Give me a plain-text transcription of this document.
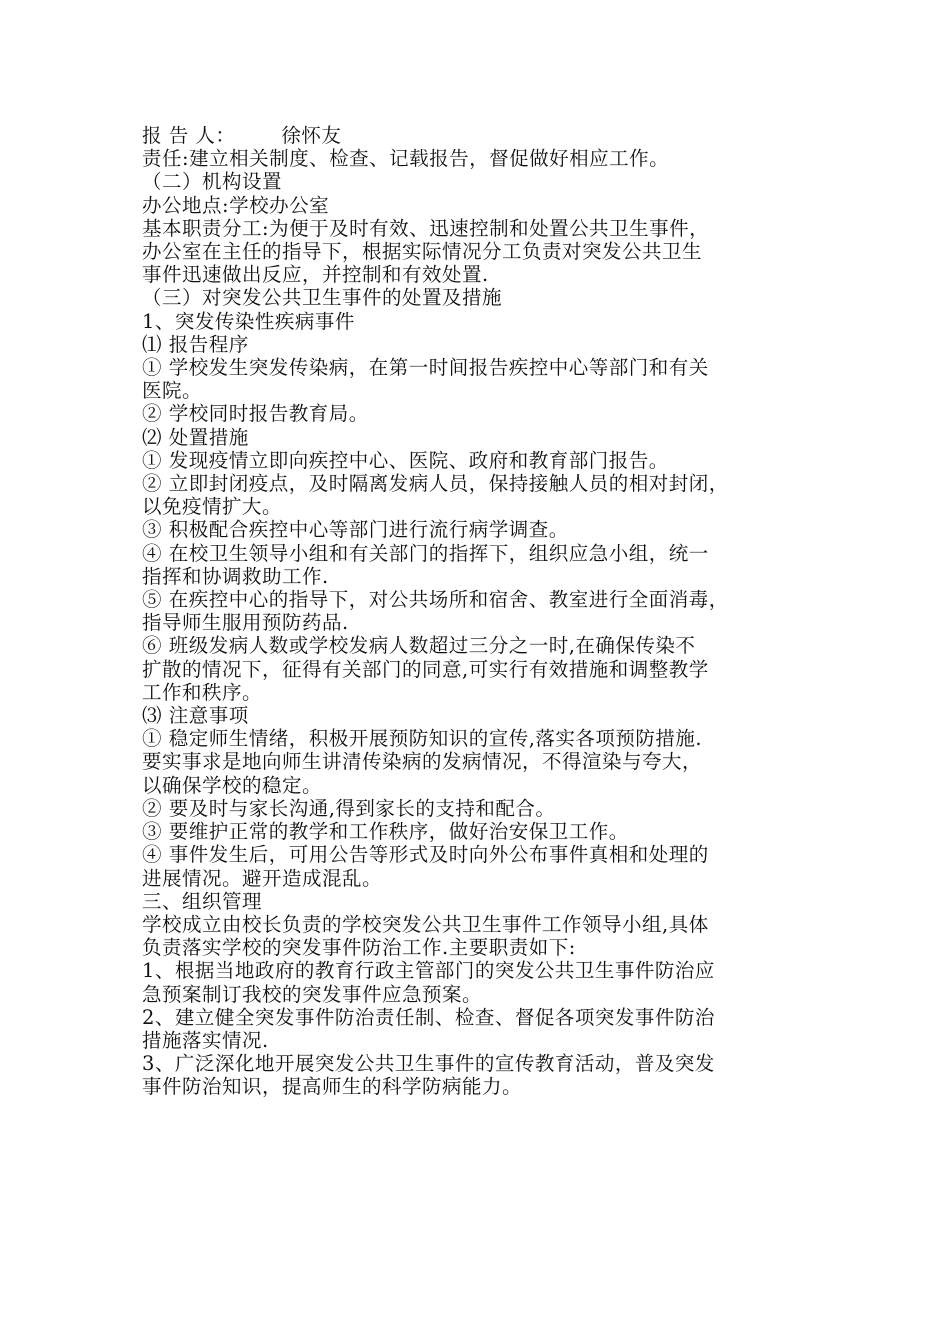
报 告 人： 徐怀友
责任:建立相关制度、检查、记载报告，督促做好相应工作。
（二）机构设置
办公地点:学校办公室
基本职责分工:为便于及时有效、迅速控制和处置公共卫生事件，
办公室在主任的指导下，根据实际情况分工负责对突发公共卫生
事件迅速做出反应，并控制和有效处置.
（三）对突发公共卫生事件的处置及措施
1、突发传染性疾病事件
⑴ 报告程序
① 学校发生突发传染病，在第一时间报告疾控中心等部门和有关
医院。
② 学校同时报告教育局。
⑵ 处置措施
① 发现疫情立即向疾控中心、医院、政府和教育部门报告。
② 立即封闭疫点，及时隔离发病人员，保持接触人员的相对封闭，
以免疫情扩大。
③ 积极配合疾控中心等部门进行流行病学调查。
④ 在校卫生领导小组和有关部门的指挥下，组织应急小组，统一
指挥和协调救助工作.
⑤ 在疾控中心的指导下，对公共场所和宿舍、教室进行全面消毒，
指导师生服用预防药品.
⑥ 班级发病人数或学校发病人数超过三分之一时,在确保传染不
扩散的情况下，征得有关部门的同意,可实行有效措施和调整教学
工作和秩序。
⑶ 注意事项
① 稳定师生情绪，积极开展预防知识的宣传,落实各项预防措施.
要实事求是地向师生讲清传染病的发病情况，不得渲染与夸大，
以确保学校的稳定。
② 要及时与家长沟通,得到家长的支持和配合。
③ 要维护正常的教学和工作秩序，做好治安保卫工作。
④ 事件发生后，可用公告等形式及时向外公布事件真相和处理的
进展情况。避开造成混乱。
三、组织管理
学校成立由校长负责的学校突发公共卫生事件工作领导小组,具体
负责落实学校的突发事件防治工作.主要职责如下:
1、根据当地政府的教育行政主管部门的突发公共卫生事件防治应
急预案制订我校的突发事件应急预案。
2、建立健全突发事件防治责任制、检查、督促各项突发事件防治
措施落实情况.
3、广泛深化地开展突发公共卫生事件的宣传教育活动，普及突发
事件防治知识，提高师生的科学防病能力。
